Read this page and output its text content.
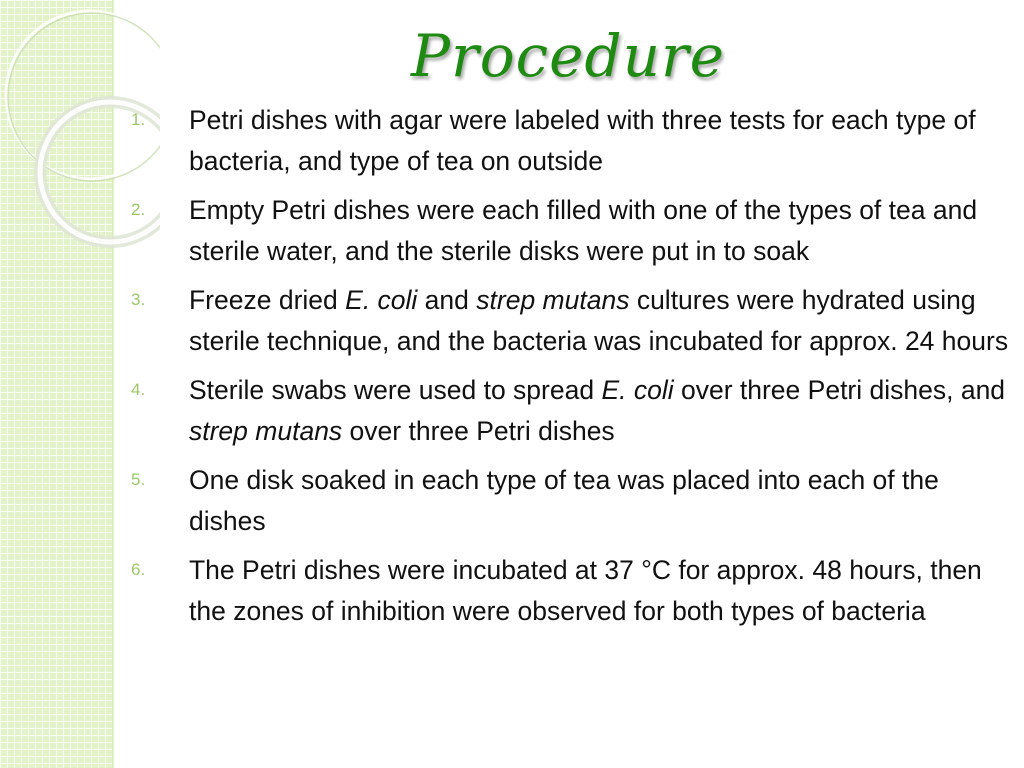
Procedure
1. Petri dishes with agar were labeled with three tests for each type of bacteria, and type of tea on outside
2. Empty Petri dishes were each filled with one of the types of tea and sterile water, and the sterile disks were put in to soak
3. Freeze dried E. coli and strep mutans cultures were hydrated using sterile technique, and the bacteria was incubated for approx. 24 hours
4. Sterile swabs were used to spread E. coli over three Petri dishes, and strep mutans over three Petri dishes
5. One disk soaked in each type of tea was placed into each of the dishes
6. The Petri dishes were incubated at 37 °C for approx. 48 hours, then the zones of inhibition were observed for both types of bacteria
